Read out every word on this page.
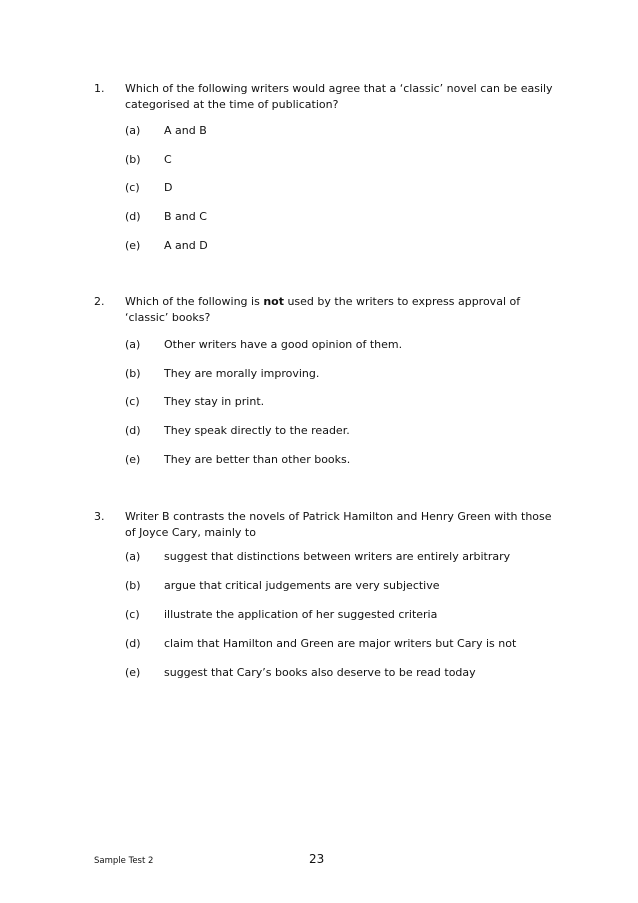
1. Which of the following writers would agree that a ‘classic’ novel can be easily categorised at the time of publication?
(a) A and B
(b) C
(c) D
(d) B and C
(e) A and D
2. Which of the following is not used by the writers to express approval of ‘classic’ books?
(a) Other writers have a good opinion of them.
(b) They are morally improving.
(c) They stay in print.
(d) They speak directly to the reader.
(e) They are better than other books.
3. Writer B contrasts the novels of Patrick Hamilton and Henry Green with those of Joyce Cary, mainly to
(a) suggest that distinctions between writers are entirely arbitrary
(b) argue that critical judgements are very subjective
(c) illustrate the application of her suggested criteria
(d) claim that Hamilton and Green are major writers but Cary is not
(e) suggest that Cary’s books also deserve to be read today
Sample Test 2	23
